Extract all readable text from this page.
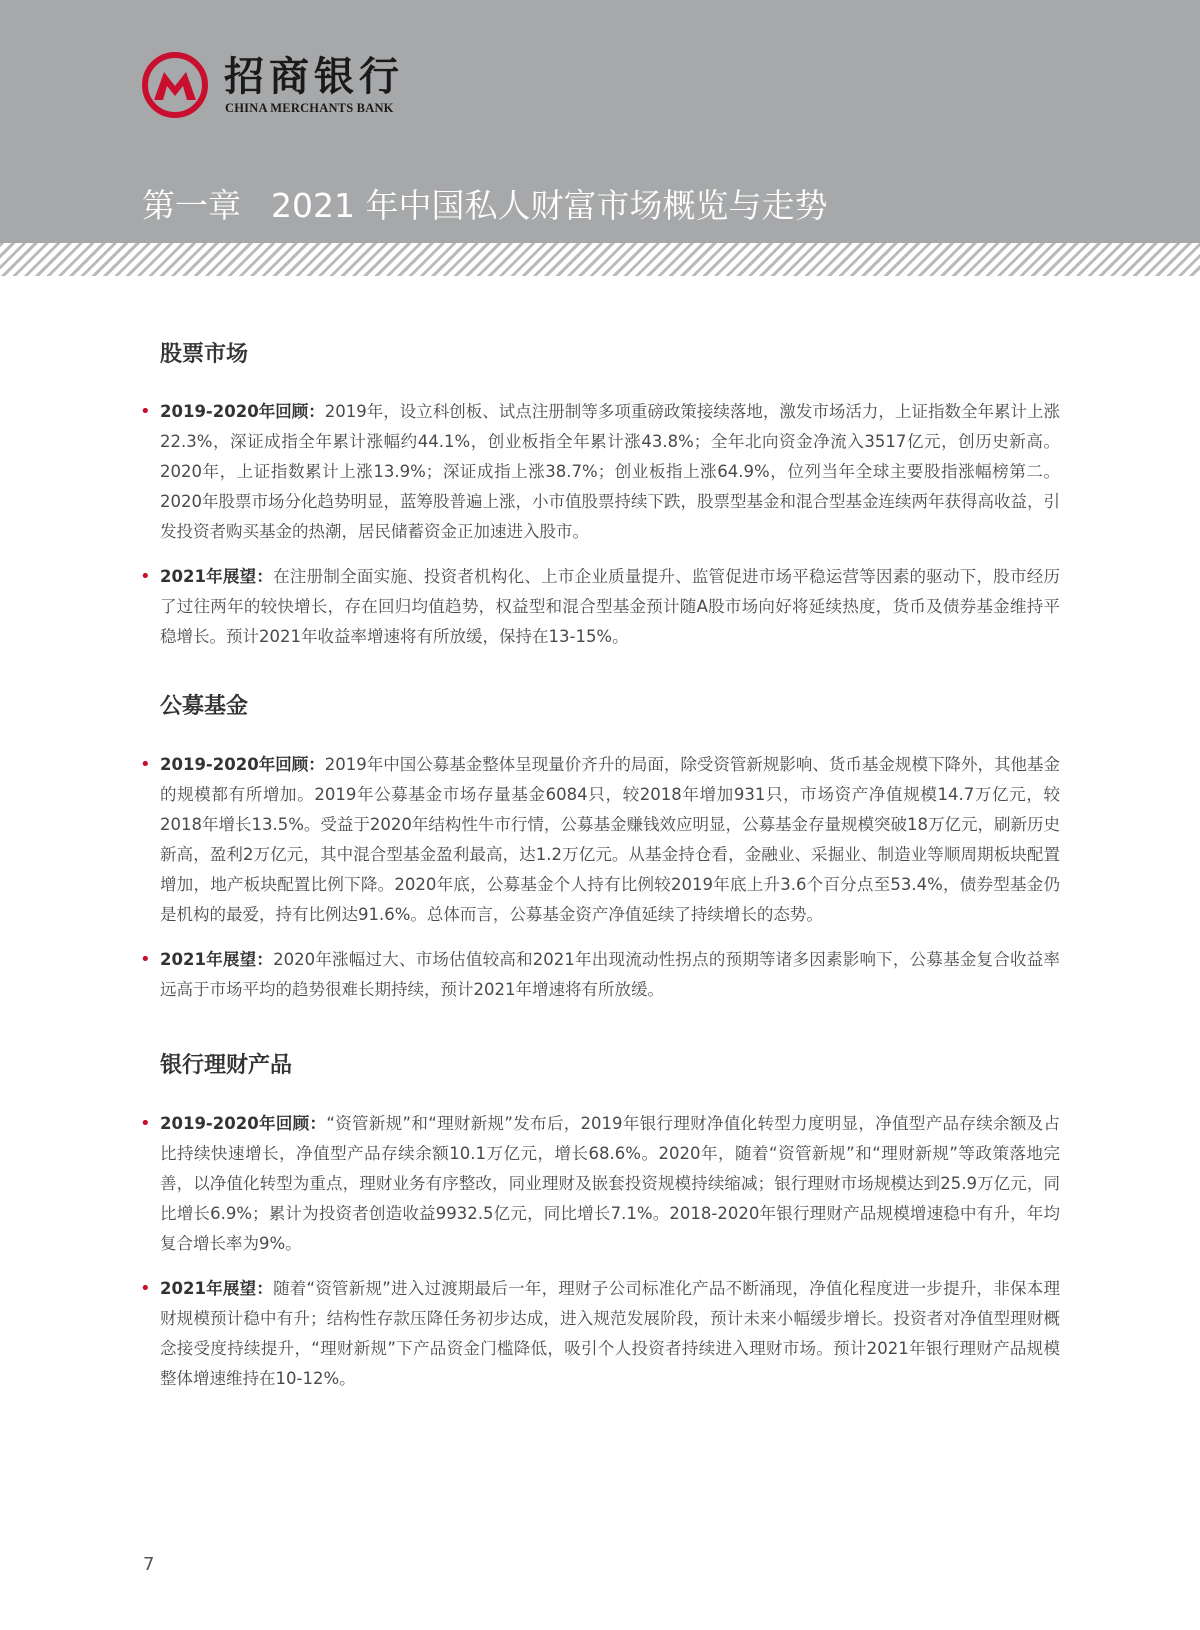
招商银行
CHINA MERCHANTS BANK
第一章 2021 年中国私人财富市场概览与走势
股票市场
• 2019-2020年回顾：2019年，设立科创板、试点注册制等多项重磅政策接续落地，激发市场活力，上证指数全年累计上涨22.3%，深证成指全年累计涨幅约44.1%，创业板指全年累计涨43.8%；全年北向资金净流入3517亿元，创历史新高。2020年，上证指数累计上涨13.9%；深证成指上涨38.7%；创业板指上涨64.9%，位列当年全球主要股指涨幅榜第二。2020年股票市场分化趋势明显，蓝筹股普遍上涨，小市值股票持续下跌，股票型基金和混合型基金连续两年获得高收益，引发投资者购买基金的热潮，居民储蓄资金正加速进入股市。
• 2021年展望：在注册制全面实施、投资者机构化、上市企业质量提升、监管促进市场平稳运营等因素的驱动下，股市经历了过往两年的较快增长，存在回归均值趋势，权益型和混合型基金预计随A股市场向好将延续热度，货币及债券基金维持平稳增长。预计2021年收益率增速将有所放缓，保持在13-15%。
公募基金
• 2019-2020年回顾：2019年中国公募基金整体呈现量价齐升的局面，除受资管新规影响、货币基金规模下降外，其他基金的规模都有所增加。2019年公募基金市场存量基金6084只，较2018年增加931只，市场资产净值规模14.7万亿元，较2018年增长13.5%。受益于2020年结构性牛市行情，公募基金赚钱效应明显，公募基金存量规模突破18万亿元，刷新历史新高，盈利2万亿元，其中混合型基金盈利最高，达1.2万亿元。从基金持仓看，金融业、采掘业、制造业等顺周期板块配置增加，地产板块配置比例下降。2020年底，公募基金个人持有比例较2019年底上升3.6个百分点至53.4%，债券型基金仍是机构的最爱，持有比例达91.6%。总体而言，公募基金资产净值延续了持续增长的态势。
• 2021年展望：2020年涨幅过大、市场估值较高和2021年出现流动性拐点的预期等诸多因素影响下，公募基金复合收益率远高于市场平均的趋势很难长期持续，预计2021年增速将有所放缓。
银行理财产品
• 2019-2020年回顾：“资管新规”和“理财新规”发布后，2019年银行理财净值化转型力度明显，净值型产品存续余额及占比持续快速增长，净值型产品存续余额10.1万亿元，增长68.6%。2020年，随着“资管新规”和“理财新规”等政策落地完善，以净值化转型为重点，理财业务有序整改，同业理财及嵌套投资规模持续缩减；银行理财市场规模达到25.9万亿元，同比增长6.9%；累计为投资者创造收益9932.5亿元，同比增长7.1%。2018-2020年银行理财产品规模增速稳中有升，年均复合增长率为9%。
• 2021年展望：随着“资管新规”进入过渡期最后一年，理财子公司标准化产品不断涌现，净值化程度进一步提升，非保本理财规模预计稳中有升；结构性存款压降任务初步达成，进入规范发展阶段，预计未来小幅缓步增长。投资者对净值型理财概念接受度持续提升，“理财新规”下产品资金门槛降低，吸引个人投资者持续进入理财市场。预计2021年银行理财产品规模整体增速维持在10-12%。
7
